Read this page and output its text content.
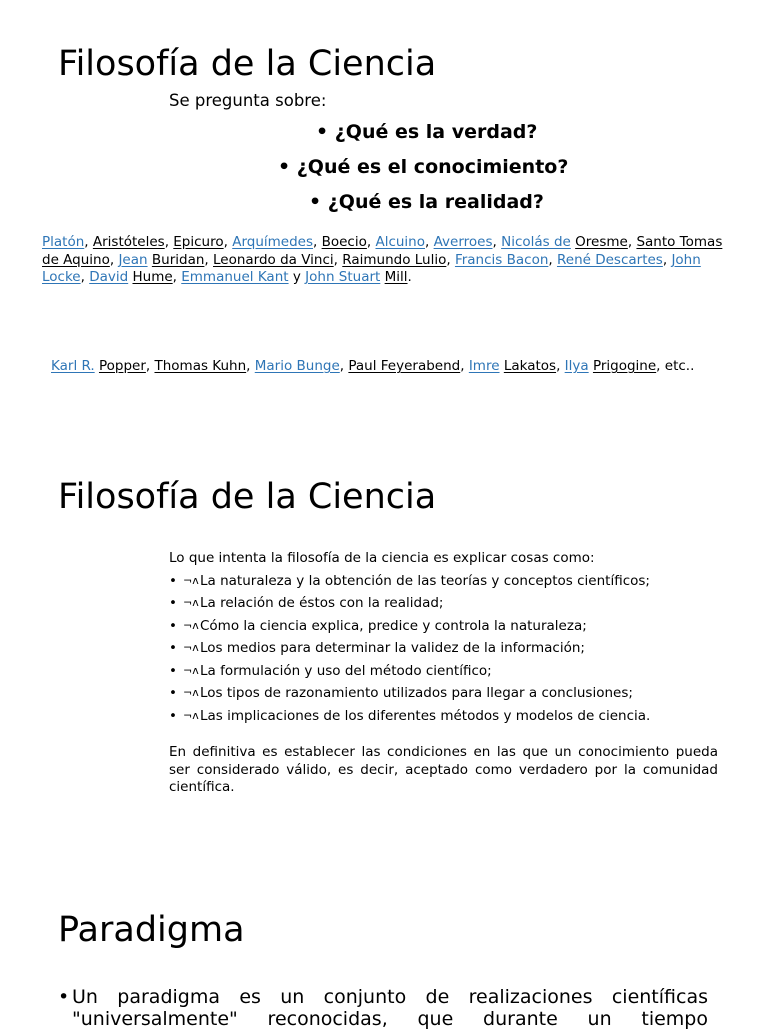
Filosofía de la Ciencia
Se pregunta sobre:
• ¿Qué es la verdad?
• ¿Qué es el conocimiento?
• ¿Qué es la realidad?
Platón, Aristóteles, Epicuro, Arquímedes, Boecio, Alcuino, Averroes, Nicolás de Oresme, Santo Tomas de Aquino, Jean Buridan, Leonardo da Vinci, Raimundo Lulio, Francis Bacon, René Descartes, John Locke, David Hume, Emmanuel Kant y John Stuart Mill.
Karl R. Popper, Thomas Kuhn, Mario Bunge, Paul Feyerabend, Imre Lakatos, Ilya Prigogine, etc..
Filosofía de la Ciencia
Lo que intenta la filosofía de la ciencia es explicar cosas como:
• ¬ʌLa naturaleza y la obtención de las teorías y conceptos científicos;
• ¬ʌLa relación de éstos con la realidad;
• ¬ʌCómo la ciencia explica, predice y controla la naturaleza;
• ¬ʌLos medios para determinar la validez de la información;
• ¬ʌLa formulación y uso del método científico;
• ¬ʌLos tipos de razonamiento utilizados para llegar a conclusiones;
• ¬ʌLas implicaciones de los diferentes métodos y modelos de ciencia.
En definitiva es establecer las condiciones en las que un conocimiento pueda ser considerado válido, es decir, aceptado como verdadero por la comunidad científica.
Paradigma
• Un paradigma es un conjunto de realizaciones científicas
"universalmente" reconocidas, que durante un tiempo
